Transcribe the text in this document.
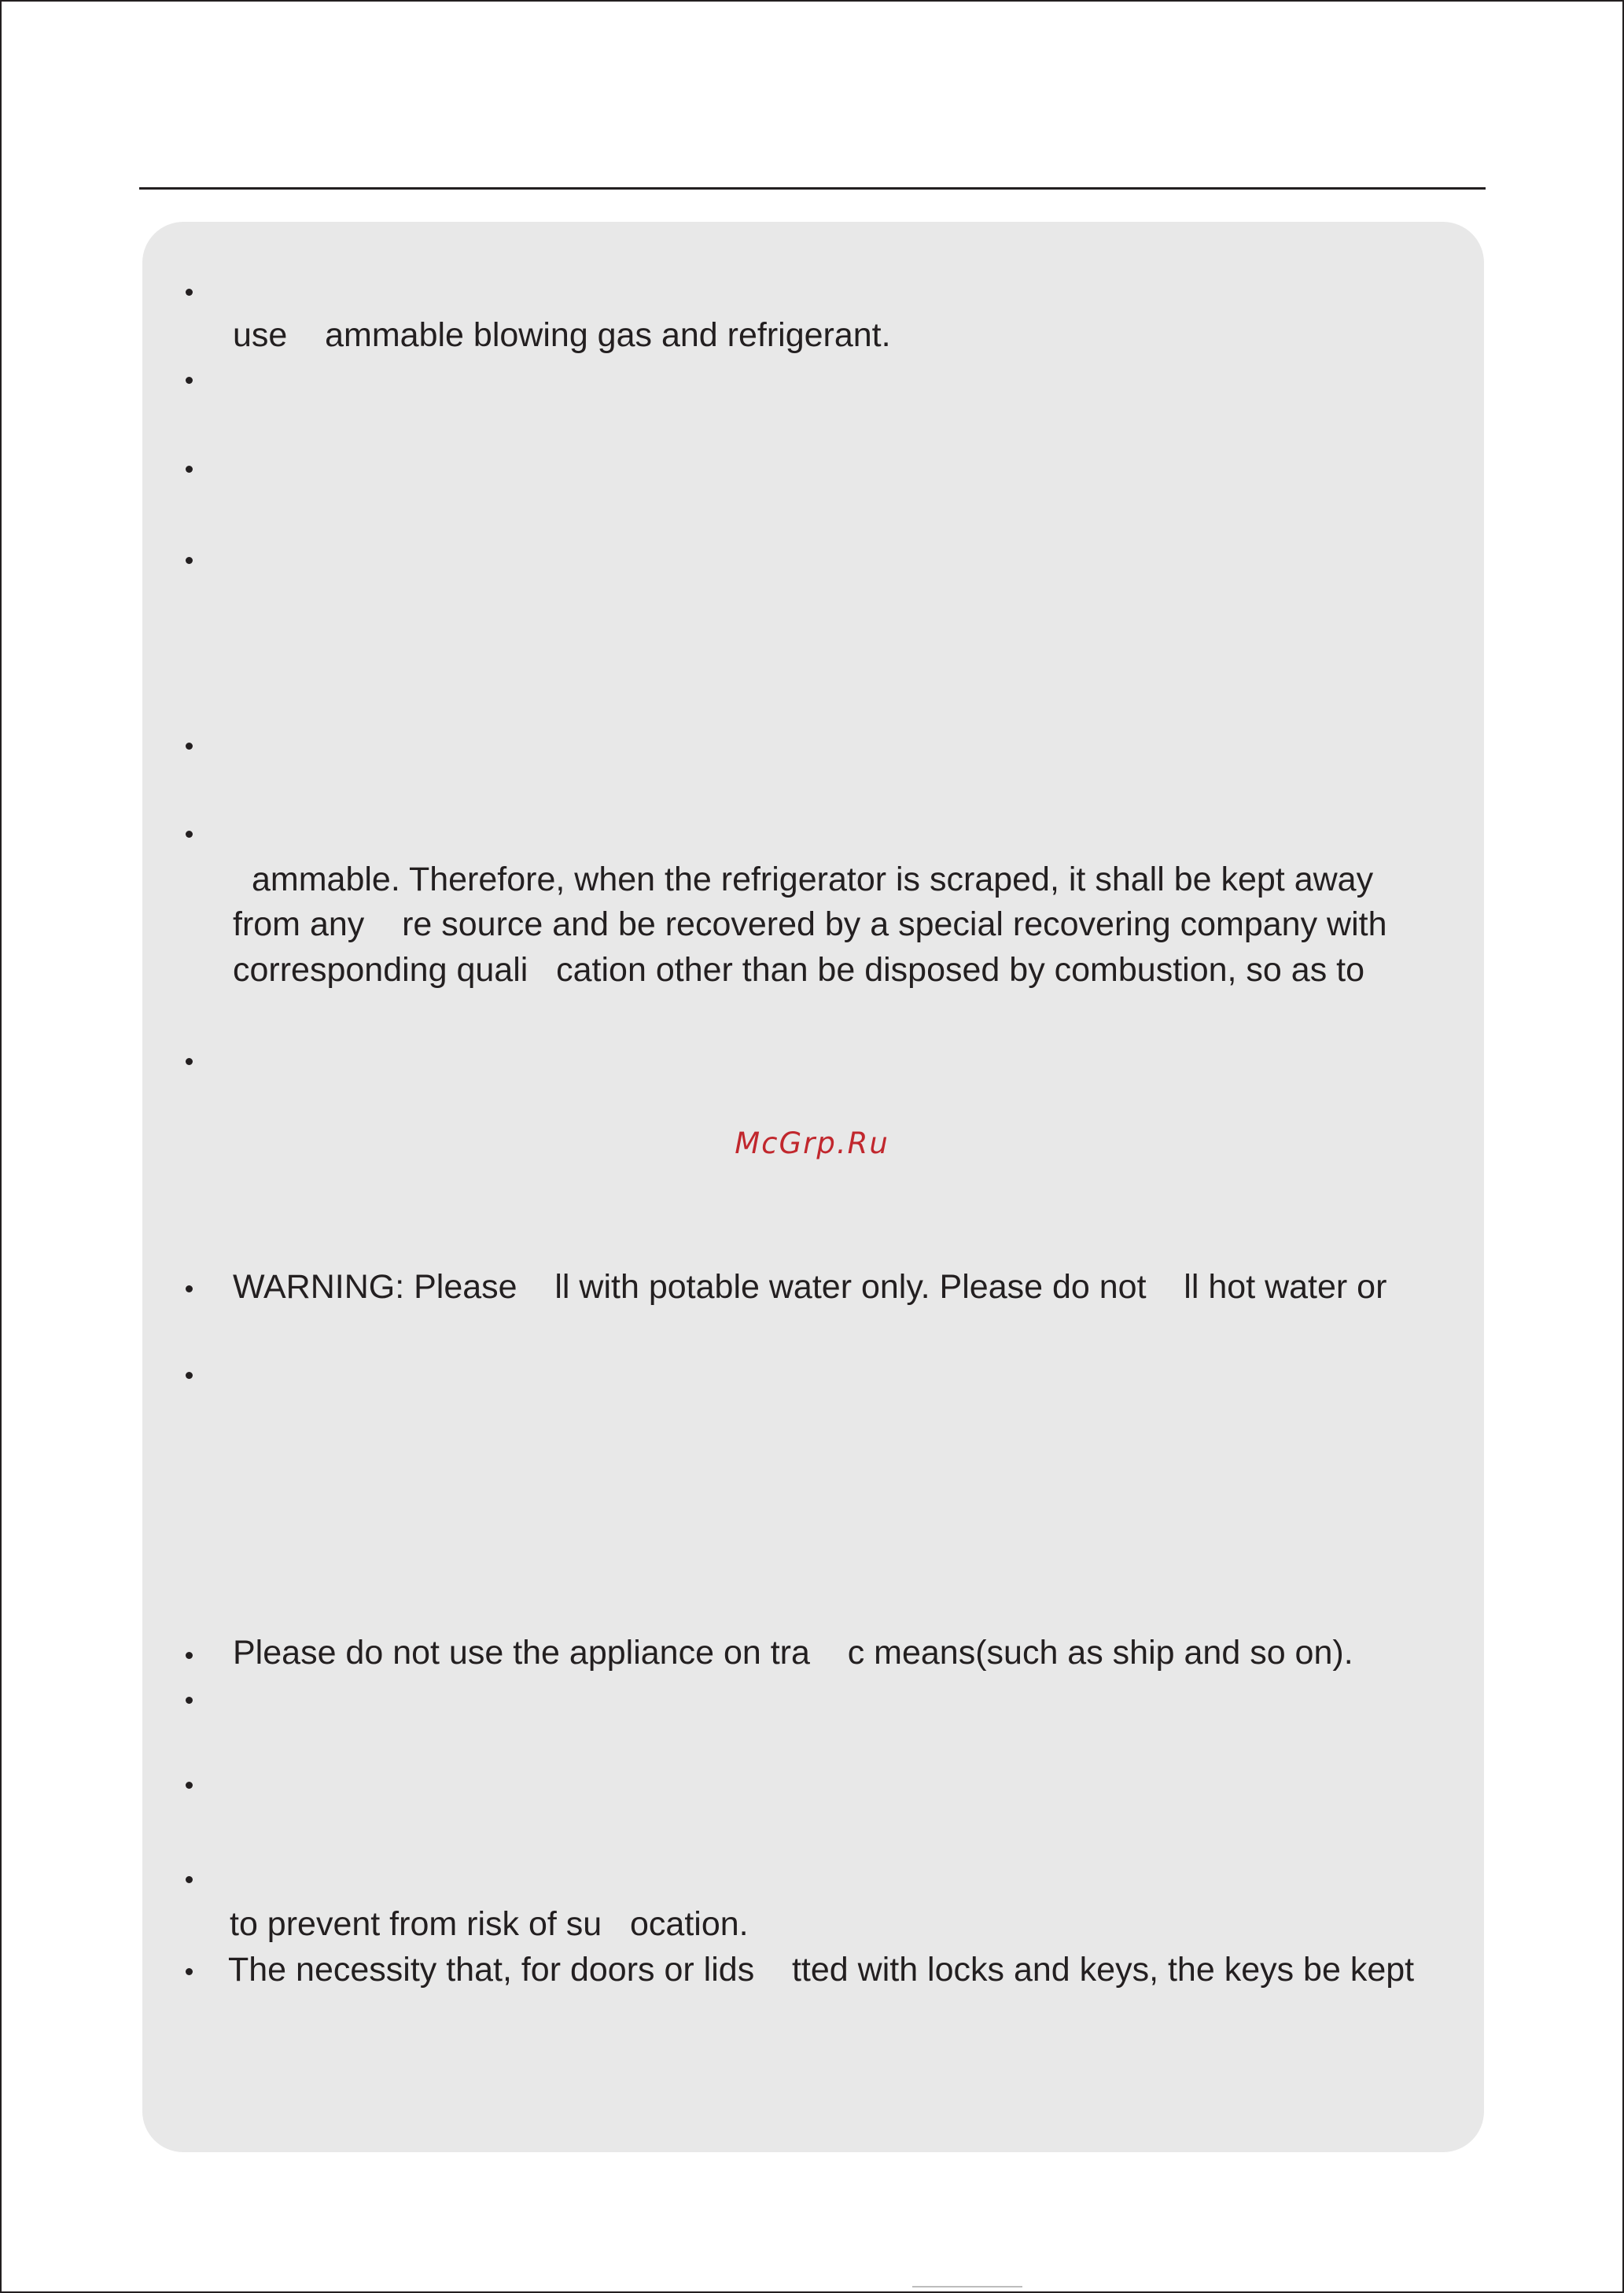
use    ammable blowing gas and refrigerant.
ammable. Therefore, when the refrigerator is scraped, it shall be kept away
from any    re source and be recovered by a special recovering company with
corresponding quali   cation other than be disposed by combustion, so as to
WARNING: Please    ll with potable water only. Please do not    ll hot water or
Please do not use the appliance on tra    c means(such as ship and so on).
to prevent from risk of su   ocation.
The necessity that, for doors or lids    tted with locks and keys, the keys be kept
McGrp.Ru
